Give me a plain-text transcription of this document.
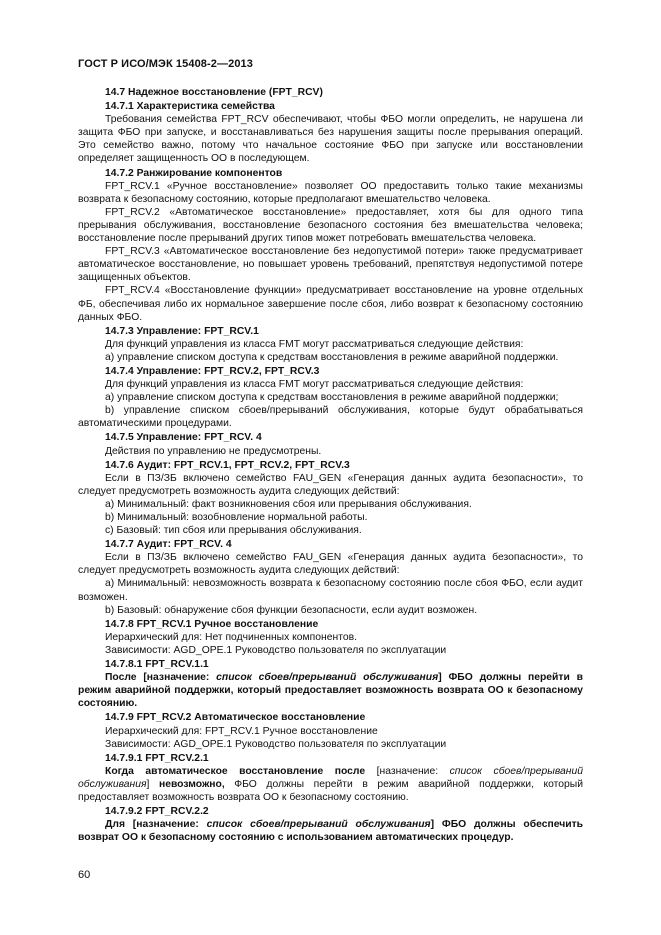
ГОСТ Р ИСО/МЭК 15408-2—2013

14.7 Надежное восстановление (FPT_RCV)

14.7.1 Характеристика семейства

Требования семейства FPT_RCV обеспечивают, чтобы ФБО могли определить, не нарушена ли защита ФБО при запуске, и восстанавливаться без нарушения защиты после прерывания операций. Это семейство важно, потому что начальное состояние ФБО при запуске или восстановлении определяет защищенность ОО в последующем.

14.7.2 Ранжирование компонентов

FPT_RCV.1 «Ручное восстановление» позволяет ОО предоставить только такие механизмы возврата к безопасному состоянию, которые предполагают вмешательство человека.

FPT_RCV.2 «Автоматическое восстановление» предоставляет, хотя бы для одного типа прерывания обслуживания, восстановление безопасного состояния без вмешательства человека; восстановление после прерываний других типов может потребовать вмешательства человека.

FPT_RCV.3 «Автоматическое восстановление без недопустимой потери» также предусматривает автоматическое восстановление, но повышает уровень требований, препятствуя недопустимой потере защищенных объектов.

FPT_RCV.4 «Восстановление функции» предусматривает восстановление на уровне отдельных ФБ, обеспечивая либо их нормальное завершение после сбоя, либо возврат к безопасному состоянию данных ФБО.

14.7.3 Управление: FPT_RCV.1

Для функций управления из класса FMT могут рассматриваться следующие действия:

а) управление списком доступа к средствам восстановления в режиме аварийной поддержки.

14.7.4 Управление: FPT_RCV.2, FPT_RCV.3

Для функций управления из класса FMT могут рассматриваться следующие действия:

а) управление списком доступа к средствам восстановления в режиме аварийной поддержки;

b) управление списком сбоев/прерываний обслуживания, которые будут обрабатываться автоматическими процедурами.

14.7.5 Управление: FPT_RCV. 4

Действия по управлению не предусмотрены.

14.7.6 Аудит: FPT_RCV.1, FPT_RCV.2, FPT_RCV.3

Если в ПЗ/ЗБ включено семейство FAU_GEN «Генерация данных аудита безопасности», то следует предусмотреть возможность аудита следующих действий:

а) Минимальный: факт возникновения сбоя или прерывания обслуживания.

b) Минимальный: возобновление нормальной работы.

с) Базовый: тип сбоя или прерывания обслуживания.

14.7.7 Аудит: FPT_RCV. 4

Если в ПЗ/ЗБ включено семейство FAU_GEN «Генерация данных аудита безопасности», то следует предусмотреть возможность аудита следующих действий:

а) Минимальный: невозможность возврата к безопасному состоянию после сбоя ФБО, если аудит возможен.

b) Базовый: обнаружение сбоя функции безопасности, если аудит возможен.

14.7.8 FPT_RCV.1 Ручное восстановление

Иерархический для: Нет подчиненных компонентов.

Зависимости: AGD_OPE.1 Руководство пользователя по эксплуатации

14.7.8.1 FPT_RCV.1.1

После [назначение: список сбоев/прерываний обслуживания] ФБО должны перейти в режим аварийной поддержки, который предоставляет возможность возврата ОО к безопасному состоянию.

14.7.9 FPT_RCV.2 Автоматическое восстановление

Иерархический для: FPT_RCV.1 Ручное восстановление

Зависимости: AGD_OPE.1 Руководство пользователя по эксплуатации

14.7.9.1 FPT_RCV.2.1

Когда автоматическое восстановление после [назначение: список сбоев/прерываний обслуживания] невозможно, ФБО должны перейти в режим аварийной поддержки, который предоставляет возможность возврата ОО к безопасному состоянию.

14.7.9.2 FPT_RCV.2.2

Для [назначение: список сбоев/прерываний обслуживания] ФБО должны обеспечить возврат ОО к безопасному состоянию с использованием автоматических процедур.

60
